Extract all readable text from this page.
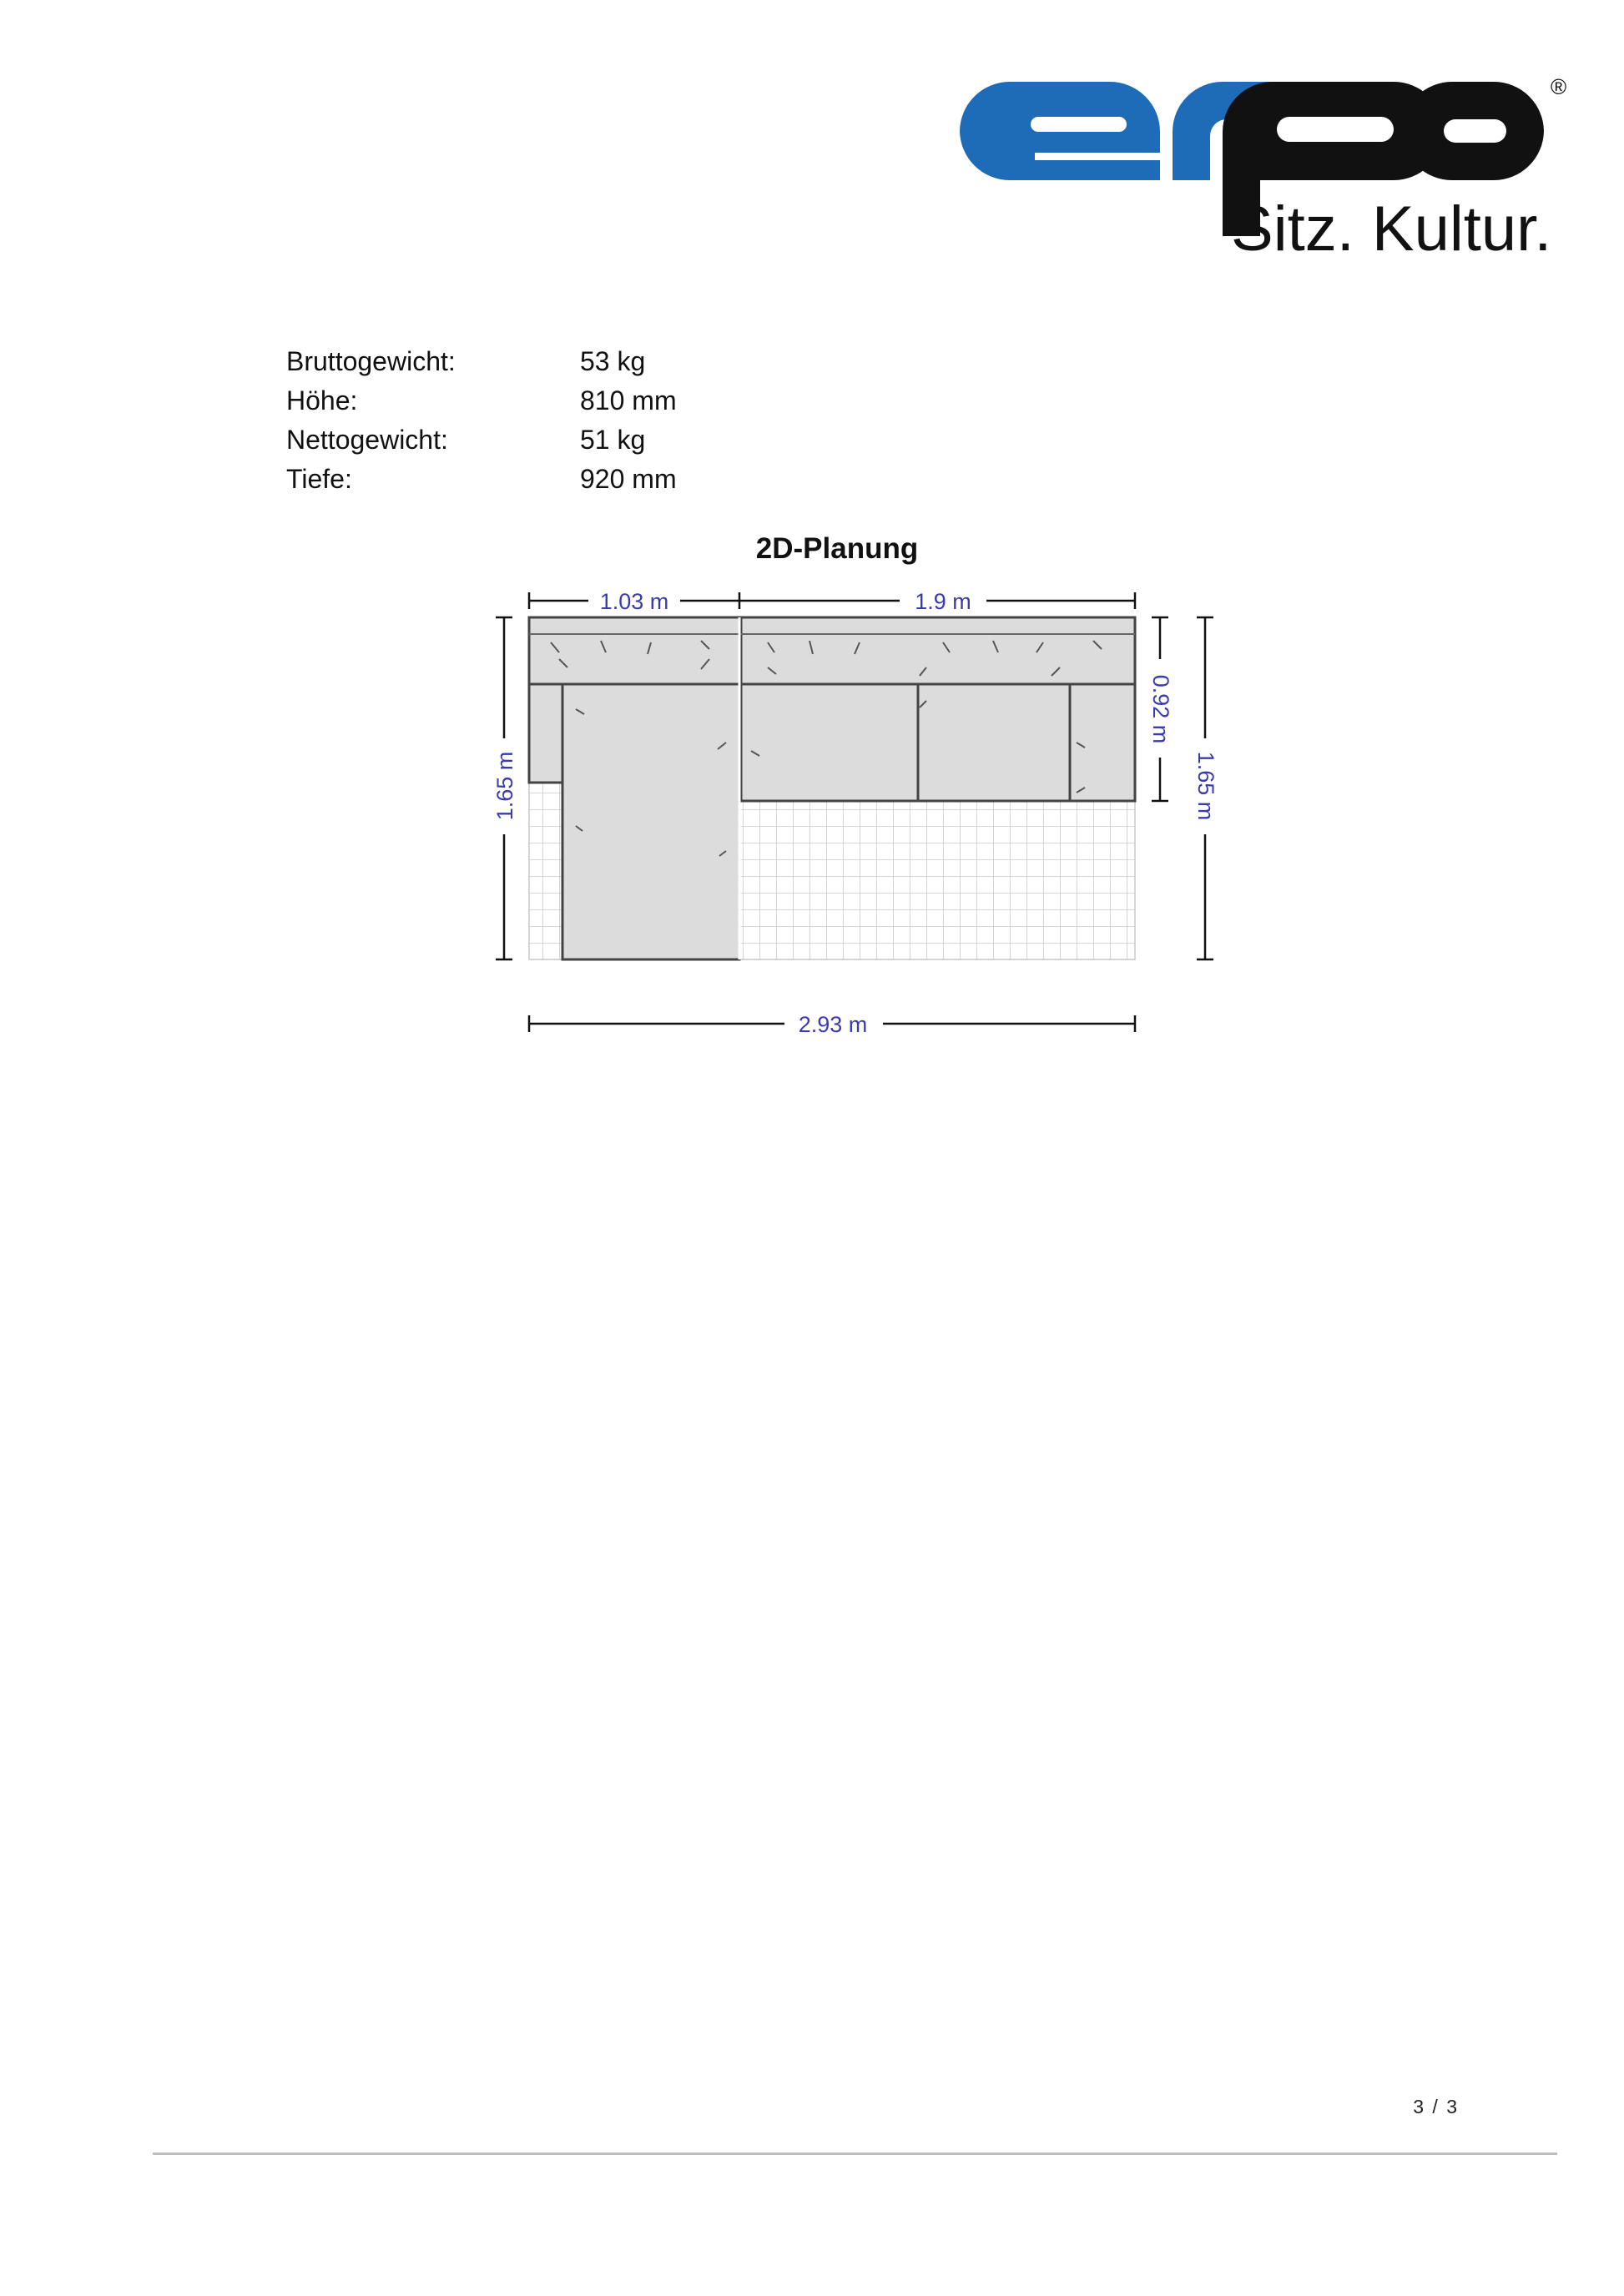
®
Sitz. Kultur.
Bruttogewicht:	53 kg
Höhe:	810 mm
Nettogewicht:	51 kg
Tiefe:	920 mm
2D-Planung
1.03 m	1.9 m
1.65 m
0.92 m
1.65 m
2.93 m
3 / 3
